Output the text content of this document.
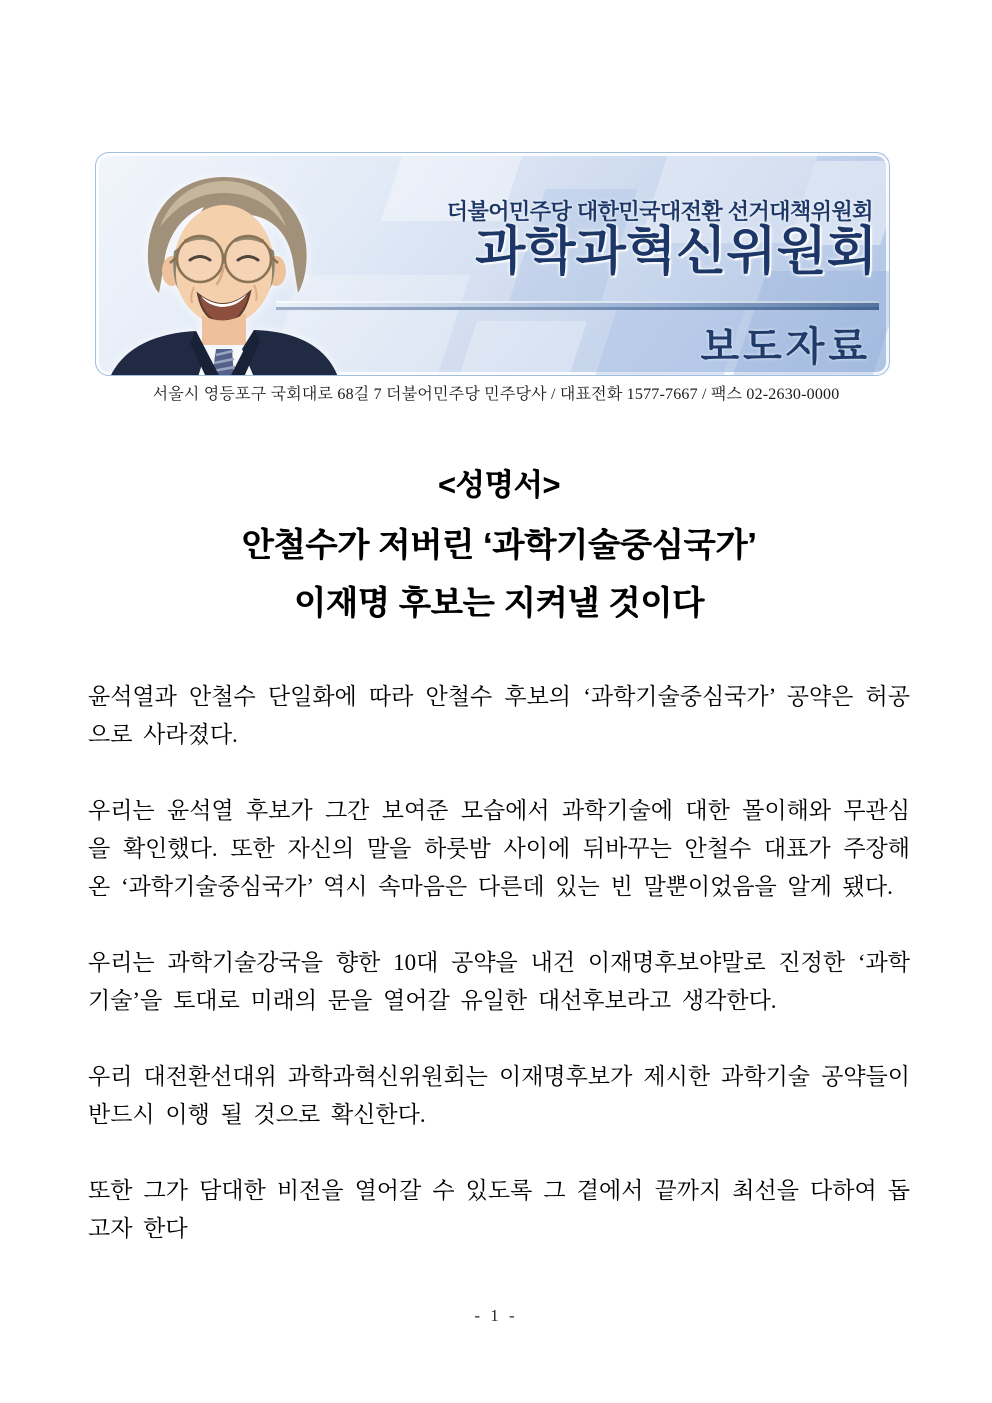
더불어민주당 대한민국대전환 선거대책위원회
과학과혁신위원회
보도자료
서울시 영등포구 국회대로 68길 7 더불어민주당 민주당사 / 대표전화 1577-7667 / 팩스 02-2630-0000
<성명서>
안철수가 저버린 ‘과학기술중심국가’
이재명 후보는 지켜낼 것이다

윤석열과 안철수 단일화에 따라 안철수 후보의 ‘과학기술중심국가’ 공약은 허공으로 사라졌다.

우리는 윤석열 후보가 그간 보여준 모습에서 과학기술에 대한 몰이해와 무관심을 확인했다. 또한 자신의 말을 하룻밤 사이에 뒤바꾸는 안철수 대표가 주장해온 ‘과학기술중심국가’ 역시 속마음은 다른데 있는 빈 말뿐이었음을 알게 됐다.

우리는 과학기술강국을 향한 10대 공약을 내건 이재명후보야말로 진정한 ‘과학기술’을 토대로 미래의 문을 열어갈 유일한 대선후보라고 생각한다.

우리 대전환선대위 과학과혁신위원회는 이재명후보가 제시한 과학기술 공약들이 반드시 이행 될 것으로 확신한다.

또한 그가 담대한 비전을 열어갈 수 있도록 그 곁에서 끝까지 최선을 다하여 돕고자 한다

- 1 -
